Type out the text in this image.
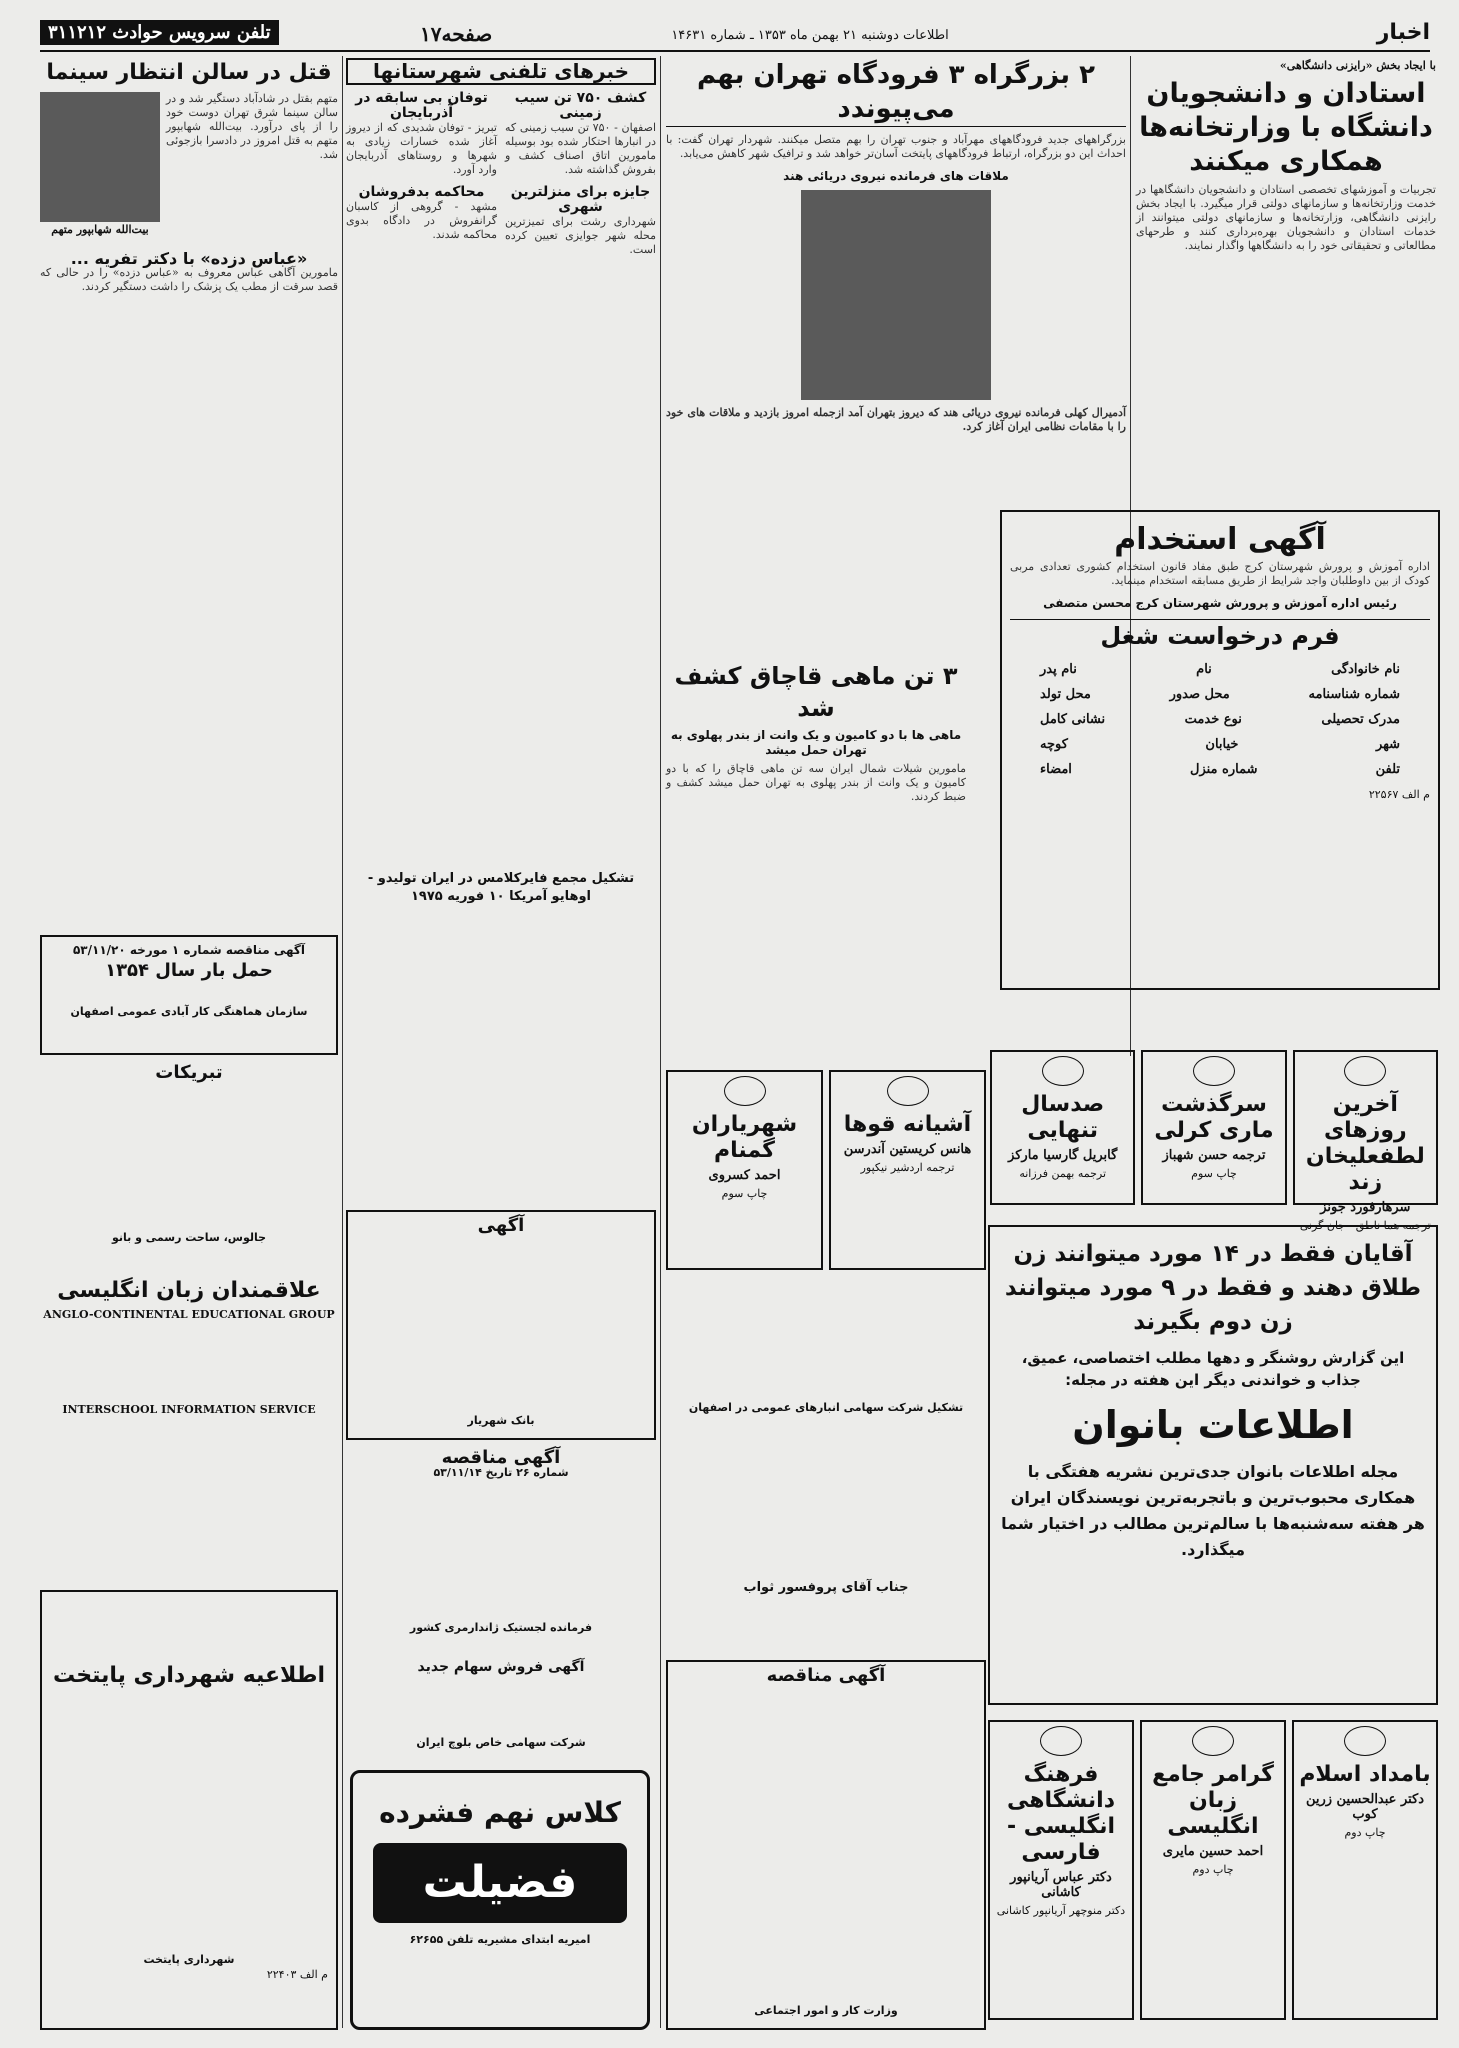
اخبار
اطلاعات دوشنبه ۲۱ بهمن ماه ۱۳۵۳ ـ شماره ۱۴۶۳۱
صفحه۱۷
تلفن سرویس حوادث ۳۱۱۲۱۲
با ایجاد بخش «رایزنی دانشگاهی»
استادان و دانشجویان دانشگاه با وزارتخانه‌ها همکاری میکنند
تجربیات و آموزشهای تخصصی استادان و دانشجویان دانشگاهها در خدمت وزارتخانه‌ها و سازمانهای دولتی قرار میگیرد. با ایجاد بخش رایزنی دانشگاهی، وزارتخانه‌ها و سازمانهای دولتی میتوانند از خدمات استادان و دانشجویان بهره‌برداری کنند و طرحهای مطالعاتی و تحقیقاتی خود را به دانشگاهها واگذار نمایند.
۲ بزرگراه ۳ فرودگاه تهران بهم می‌پیوندد
بزرگراههای جدید فرودگاههای مهرآباد و جنوب تهران را بهم متصل میکنند. شهردار تهران گفت: با احداث این دو بزرگراه، ارتباط فرودگاههای پایتخت آسان‌تر خواهد شد و ترافیک شهر کاهش می‌یابد.
ملاقات های فرمانده نیروی دریائی هند
آدمیرال کهلی فرمانده نیروی دریائی هند که دیروز بتهران آمد ازجمله امروز بازدید و ملاقات های خود را با مقامات نظامی ایران آغاز کرد.
خبرهای تلفنی شهرستانها
کشف ۷۵۰ تن سیب زمینی
اصفهان - ۷۵۰ تن سیب زمینی که در انبارها احتکار شده بود بوسیله مامورین اتاق اصناف کشف و بفروش گذاشته شد.
جایزه برای منزلترین شهری
شهرداری رشت برای تمیزترین محله شهر جوایزی تعیین کرده است.
توفان بی سابقه در آذربایجان
تبریز - توفان شدیدی که از دیروز آغاز شده خسارات زیادی به شهرها و روستاهای آذربایجان وارد آورد.
محاکمه بدفروشان
مشهد - گروهی از کاسبان گرانفروش در دادگاه بدوی محاکمه شدند.
قتل در سالن انتظار سینما
متهم بقتل در شادآباد دستگیر شد و در سالن سینما شرق تهران دوست خود را از پای درآورد. بیت‌الله شهابپور متهم به قتل امروز در دادسرا بازجوئی شد.
بیت‌الله شهابپور متهم
«عباس دزده» با دکتر تفریه ...
مامورین آگاهی عباس معروف به «عباس دزده» را در حالی که قصد سرقت از مطب یک پزشک را داشت دستگیر کردند.
۳ تن ماهی قاچاق کشف شد
ماهی ها با دو کامیون و یک وانت از بندر پهلوی به تهران حمل میشد
مامورین شیلات شمال ایران سه تن ماهی قاچاق را که با دو کامیون و یک وانت از بندر پهلوی به تهران حمل میشد کشف و ضبط کردند.
آگهی استخدام
اداره آموزش و پرورش شهرستان کرج طبق مفاد قانون استخدام کشوری تعدادی مربی کودک از بین داوطلبان واجد شرایط از طریق مسابقه استخدام مینماید.
رئیس اداره آموزش و پرورش شهرستان کرج محسن متصفی
فرم درخواست شغل
نام خانوادگی
نام
نام پدر
شماره شناسنامه
محل صدور
محل تولد
مدرک تحصیلی
نوع خدمت
نشانی کامل
شهر
خیابان
کوچه
تلفن
شماره منزل
امضاء
م الف ۲۲۵۶۷
آخرین روزهای لطفعلیخان زند
سرهارفورد جونز
ترجمه هما ناطق - جان گرنی
سرگذشت ماری کرلی
ترجمه حسن شهباز
چاپ سوم
صدسال تنهایی
گابریل گارسیا مارکز
ترجمه بهمن فرزانه
آشیانه قوها
هانس کریستین آندرسن
ترجمه اردشیر نیکپور
شهریاران گمنام
احمد کسروی
چاپ سوم
آقایان فقط در ۱۴ مورد میتوانند زن طلاق دهند و فقط در ۹ مورد میتوانند زن دوم بگیرند
این گزارش روشنگر و دهها مطلب اختصاصی، عمیق، جذاب و خواندنی دیگر این هفته در مجله:
اطلاعات بانوان
مجله اطلاعات بانوان جدی‌ترین نشریه هفتگی با همکاری محبوب‌ترین و باتجربه‌ترین نویسندگان ایران هر هفته سه‌شنبه‌ها با سالم‌ترین مطالب در اختیار شما میگذارد.
بامداد اسلام
دکتر عبدالحسین زرین کوب
چاپ دوم
گرامر جامع زبان انگلیسی
احمد حسین مایری
چاپ دوم
فرهنگ دانشگاهی انگلیسی - فارسی
دکتر عباس آریانپور کاشانی
دکتر منوچهر آریانپور کاشانی
آگهی مناقصه شماره ۱ مورخه ۵۳/۱۱/۲۰
حمل بار سال ۱۳۵۴
سازمان هماهنگی کار آبادی عمومی اصفهان
تبریکات
جالوس، ساحت رسمی و بانو
علاقمندان زبان انگلیسی
ANGLO-CONTINENTAL EDUCATIONAL GROUP
INTERSCHOOL INFORMATION SERVICE
اطلاعیه شهرداری پایتخت
شهرداری پایتخت
م الف ۲۲۴۰۳
تشکیل مجمع فایرکلامس در ایران تولیدو - اوهایو آمریکا ۱۰ فوریه ۱۹۷۵
آگهی
بانک شهریار
آگهی مناقصه
شماره ۲۶ تاریخ ۵۳/۱۱/۱۴
فرمانده لجستیک ژاندارمری کشور
آگهی فروش سهام جدید
شرکت سهامی خاص بلوچ ایران
کلاس نهم فشرده
فضیلت
امیریه ابتدای مشیریه تلفن ۶۲۶۵۵
تشکیل شرکت سهامی انبارهای عمومی در اصفهان
جناب آقای پروفسور ثواب
آگهی مناقصه
وزارت کار و امور اجتماعی
